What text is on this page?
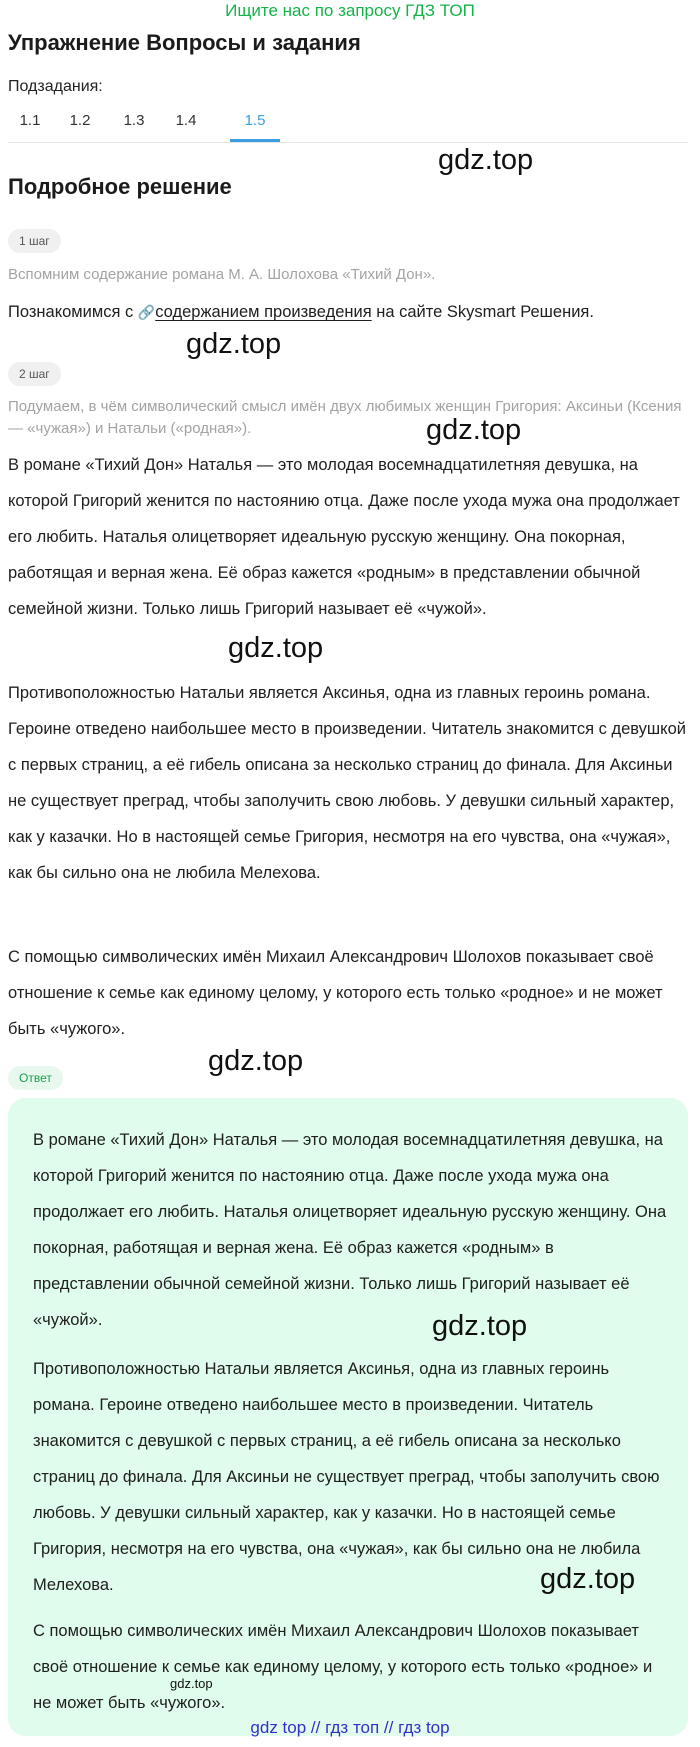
Ищите нас по запросу ГДЗ ТОП
Упражнение Вопросы и задания
Подзадания:
1.1	1.2	1.3	1.4	1.5
Подробное решение
1 шаг
Вспомним содержание романа М. А. Шолохова «Тихий Дон».
Познакомимся с 🔗содержанием произведения на сайте Skysmart Решения.
2 шаг
Подумаем, в чём символический смысл имён двух любимых женщин Григория: Аксиньи (Ксения — «чужая») и Натальи («родная»).
В романе «Тихий Дон» Наталья — это молодая восемнадцатилетняя девушка, на которой Григорий женится по настоянию отца. Даже после ухода мужа она продолжает его любить. Наталья олицетворяет идеальную русскую женщину. Она покорная, работящая и верная жена. Её образ кажется «родным» в представлении обычной семейной жизни. Только лишь Григорий называет её «чужой».
Противоположностью Натальи является Аксинья, одна из главных героинь романа. Героине отведено наибольшее место в произведении. Читатель знакомится с девушкой с первых страниц, а её гибель описана за несколько страниц до финала. Для Аксиньи не существует преград, чтобы заполучить свою любовь. У девушки сильный характер, как у казачки. Но в настоящей семье Григория, несмотря на его чувства, она «чужая», как бы сильно она не любила Мелехова.
С помощью символических имён Михаил Александрович Шолохов показывает своё отношение к семье как единому целому, у которого есть только «родное» и не может быть «чужого».
Ответ
В романе «Тихий Дон» Наталья — это молодая восемнадцатилетняя девушка, на которой Григорий женится по настоянию отца. Даже после ухода мужа она продолжает его любить. Наталья олицетворяет идеальную русскую женщину. Она покорная, работящая и верная жена. Её образ кажется «родным» в представлении обычной семейной жизни. Только лишь Григорий называет её «чужой».
Противоположностью Натальи является Аксинья, одна из главных героинь романа. Героине отведено наибольшее место в произведении. Читатель знакомится с девушкой с первых страниц, а её гибель описана за несколько страниц до финала. Для Аксиньи не существует преград, чтобы заполучить свою любовь. У девушки сильный характер, как у казачки. Но в настоящей семье Григория, несмотря на его чувства, она «чужая», как бы сильно она не любила Мелехова.
С помощью символических имён Михаил Александрович Шолохов показывает своё отношение к семье как единому целому, у которого есть только «родное» и не может быть «чужого».
gdz.top
gdz.top
gdz.top
gdz.top
gdz.top
gdz.top
gdz.top
gdz.top
gdz top // гдз топ // гдз top
